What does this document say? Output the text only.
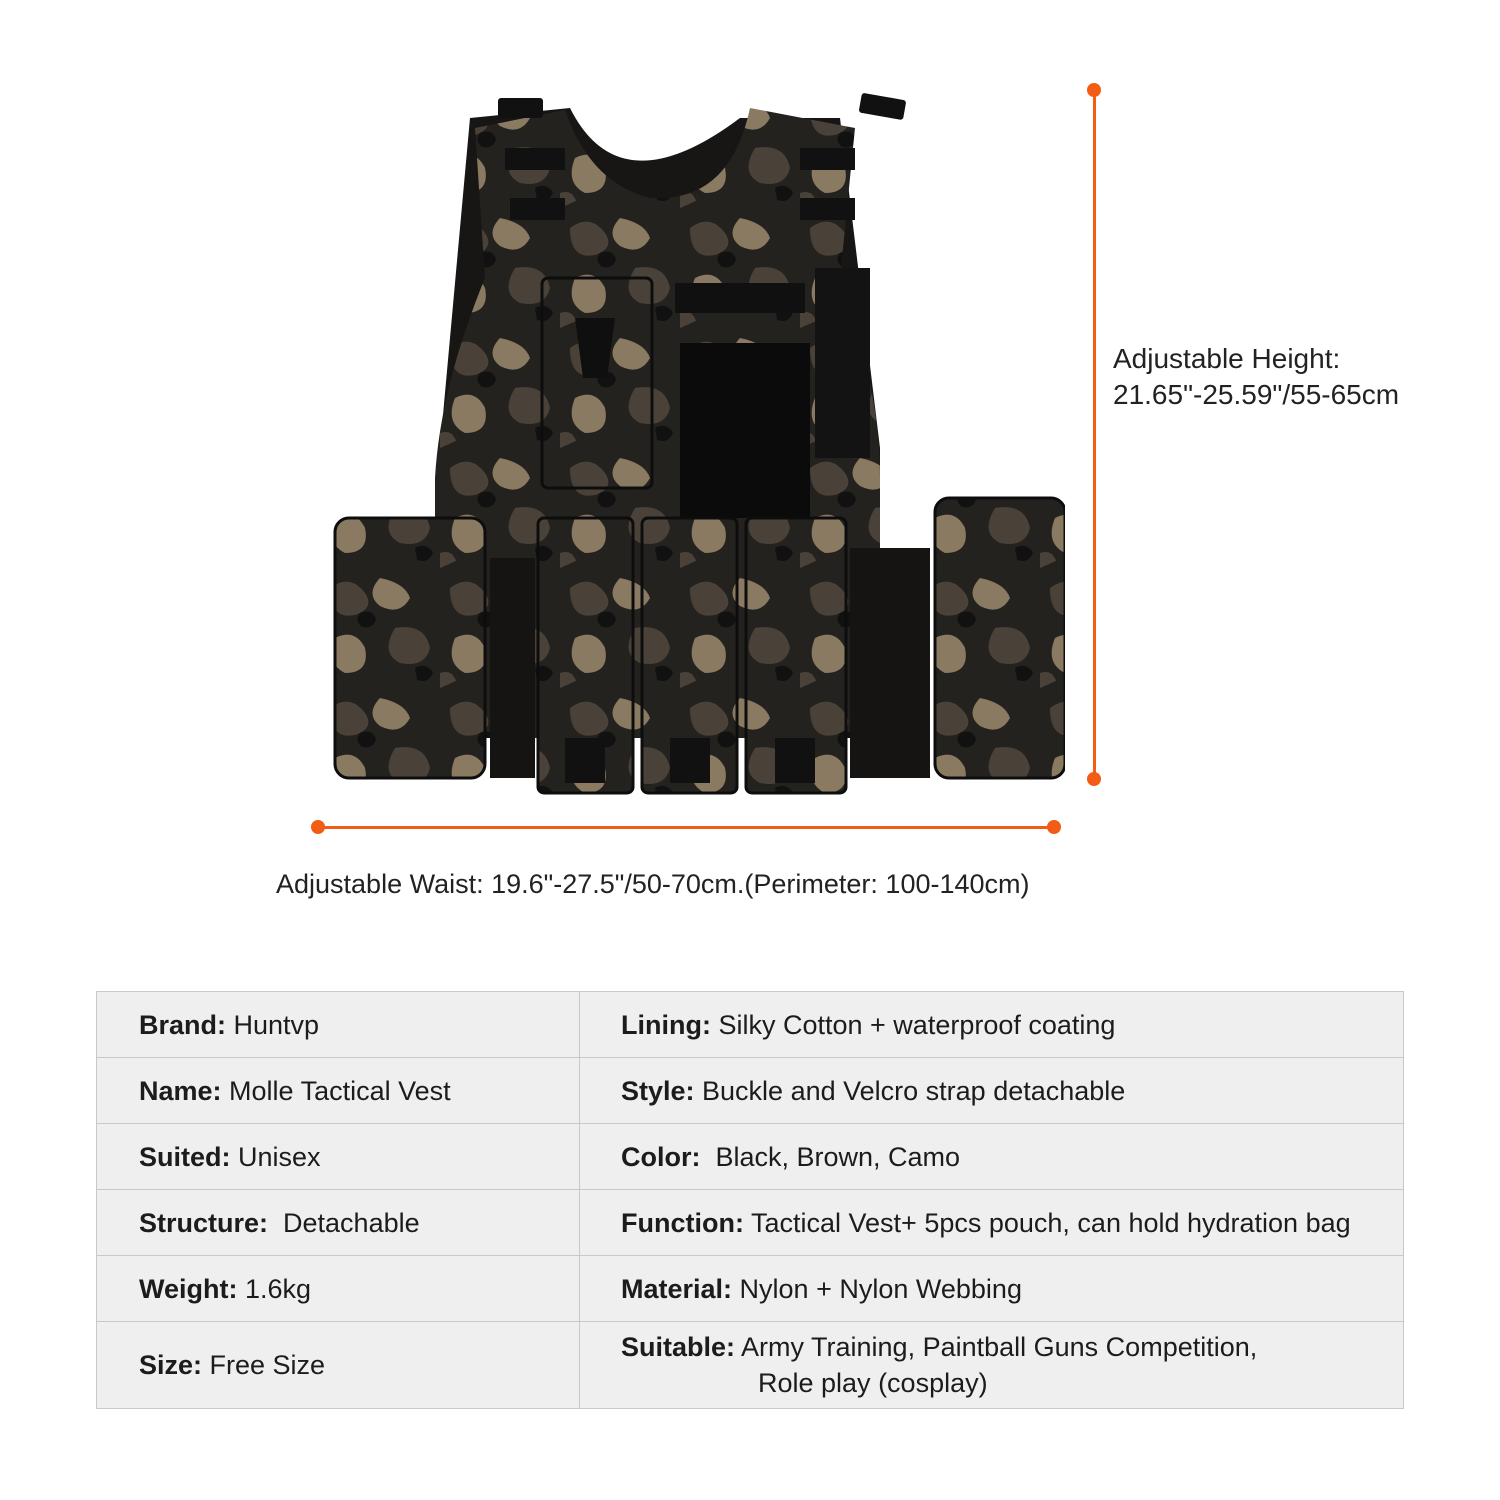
Adjustable Height:
21.65"-25.59"/55-65cm
Adjustable Waist: 19.6"-27.5"/50-70cm.(Perimeter: 100-140cm)
Brand: Huntvp	Lining: Silky Cotton + waterproof coating
Name: Molle Tactical Vest	Style: Buckle and Velcro strap detachable
Suited: Unisex	Color:  Black, Brown, Camo
Structure:  Detachable	Function: Tactical Vest+ 5pcs pouch, can hold hydration bag
Weight: 1.6kg	Material: Nylon + Nylon Webbing
Size: Free Size	Suitable: Army Training, Paintball Guns Competition,
Role play (cosplay)
